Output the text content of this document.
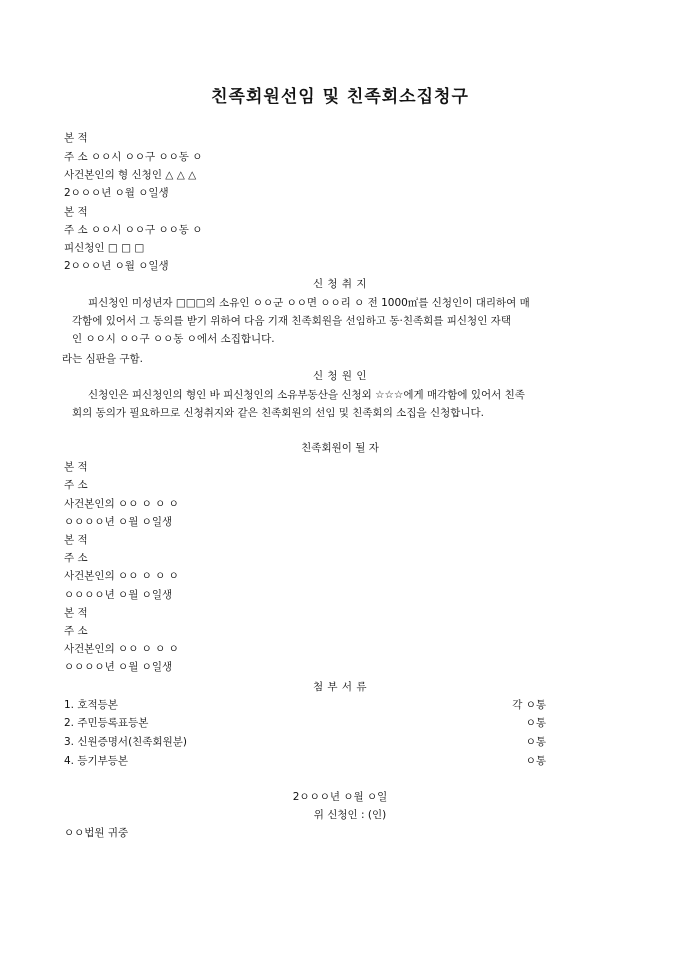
친족회원선임 및 친족회소집청구
본 적
주 소 ㅇㅇ시 ㅇㅇ구 ㅇㅇ동 ㅇ
사건본인의 형 신청인 △ △ △
2ㅇㅇㅇ년 ㅇ월 ㅇ일생
본 적
주 소 ㅇㅇ시 ㅇㅇ구 ㅇㅇ동 ㅇ
피신청인 □ □ □
2ㅇㅇㅇ년 ㅇ월 ㅇ일생
신 청 취 지
피신청인 미성년자 □□□의 소유인 ㅇㅇ군 ㅇㅇ면 ㅇㅇ리 ㅇ 전 1000㎡를 신청인이 대리하여 매
각함에 있어서 그 동의를 받기 위하여 다음 기재 친족회원을 선임하고 동·친족회를 피신청인 자택
인 ㅇㅇ시 ㅇㅇ구 ㅇㅇ동 ㅇ에서 소집합니다.
라는 심판을 구함.
신 청 원 인
신청인은 피신청인의 형인 바 피신청인의 소유부동산을 신청외 ☆☆☆에게 매각함에 있어서 친족
회의 동의가 필요하므로 신청취지와 같은 친족회원의 선임 및 친족회의 소집을 신청합니다.
친족회원이 될 자
본 적
주 소
사건본인의 ㅇㅇ ㅇ ㅇ ㅇ
ㅇㅇㅇㅇ년 ㅇ월 ㅇ일생
본 적
주 소
사건본인의 ㅇㅇ ㅇ ㅇ ㅇ
ㅇㅇㅇㅇ년 ㅇ월 ㅇ일생
본 적
주 소
사건본인의 ㅇㅇ ㅇ ㅇ ㅇ
ㅇㅇㅇㅇ년 ㅇ월 ㅇ일생
첨 부 서 류
1. 호적등본	각 ㅇ통
2. 주민등록표등본	ㅇ통
3. 신원증명서(친족회원분)	ㅇ통
4. 등기부등본	ㅇ통
2ㅇㅇㅇ년 ㅇ월 ㅇ일
위 신청인 : (인)
ㅇㅇ법원 귀중
